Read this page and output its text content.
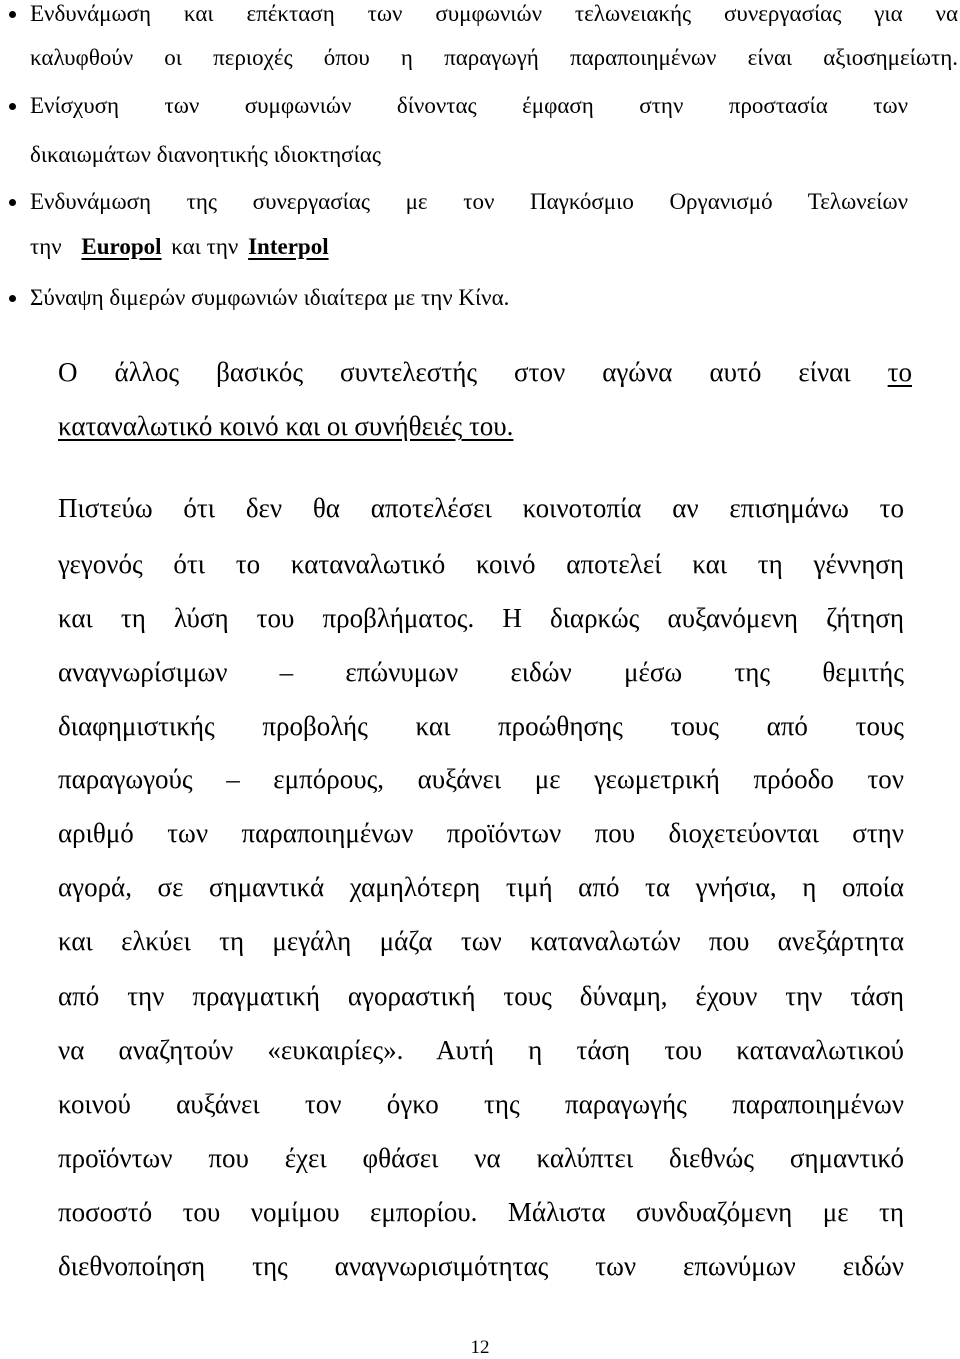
Ενδυνάμωση και επέκταση των συμφωνιών τελωνειακής συνεργασίας για να
καλυφθούν οι περιοχές όπου η παραγωγή παραποιημένων είναι αξιοσημείωτη.
Ενίσχυση των συμφωνιών δίνοντας έμφαση στην προστασία των
δικαιωμάτων διανοητικής ιδιοκτησίας
Ενδυνάμωση της συνεργασίας με τον Παγκόσμιο Οργανισμό Τελωνείων
την Europol και την Interpol
Σύναψη διμερών συμφωνιών ιδιαίτερα με την Κίνα.
Ο άλλος βασικός συντελεστής στον αγώνα αυτό είναι το
καταναλωτικό κοινό και οι συνήθειές του.
Πιστεύω ότι δεν θα αποτελέσει κοινοτοπία αν επισημάνω το
γεγονός ότι το καταναλωτικό κοινό αποτελεί και τη γέννηση
και τη λύση του προβλήματος. Η διαρκώς αυξανόμενη ζήτηση
αναγνωρίσιμων – επώνυμων ειδών μέσω της θεμιτής
διαφημιστικής προβολής και προώθησης τους από τους
παραγωγούς – εμπόρους, αυξάνει με γεωμετρική πρόοδο τον
αριθμό των παραποιημένων προϊόντων που διοχετεύονται στην
αγορά, σε σημαντικά χαμηλότερη τιμή από τα γνήσια, η οποία
και ελκύει τη μεγάλη μάζα των καταναλωτών που ανεξάρτητα
από την πραγματική αγοραστική τους δύναμη, έχουν την τάση
να αναζητούν «ευκαιρίες». Αυτή η τάση του καταναλωτικού
κοινού αυξάνει τον όγκο της παραγωγής παραποιημένων
προϊόντων που έχει φθάσει να καλύπτει διεθνώς σημαντικό
ποσοστό του νομίμου εμπορίου. Μάλιστα συνδυαζόμενη με τη
διεθνοποίηση της αναγνωρισιμότητας των επωνύμων ειδών
12
